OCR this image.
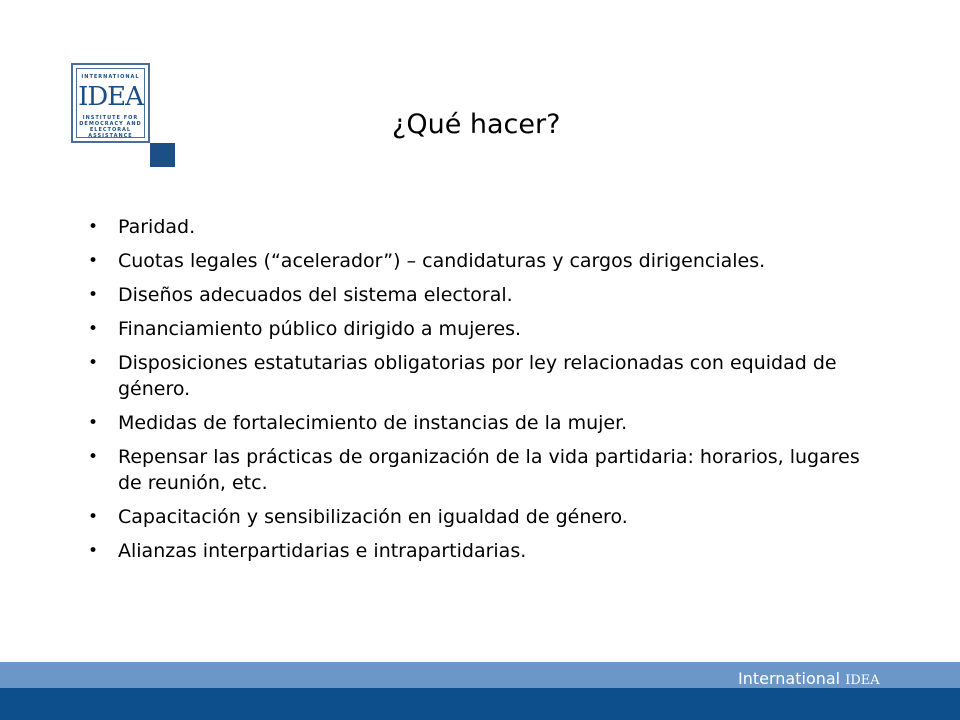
INTERNATIONAL
IDEA
INSTITUTE FOR
DEMOCRACY AND
ELECTORAL
ASSISTANCE	¿Qué hacer?
• Paridad.
• Cuotas legales (“acelerador”) – candidaturas y cargos dirigenciales.
• Diseños adecuados del sistema electoral.
• Financiamiento público dirigido a mujeres.
• Disposiciones estatutarias obligatorias por ley relacionadas con equidad de género.
• Medidas de fortalecimiento de instancias de la mujer.
• Repensar las prácticas de organización de la vida partidaria: horarios, lugares de reunión, etc.
• Capacitación y sensibilización en igualdad de género.
• Alianzas interpartidarias e intrapartidarias.
International IDEA
